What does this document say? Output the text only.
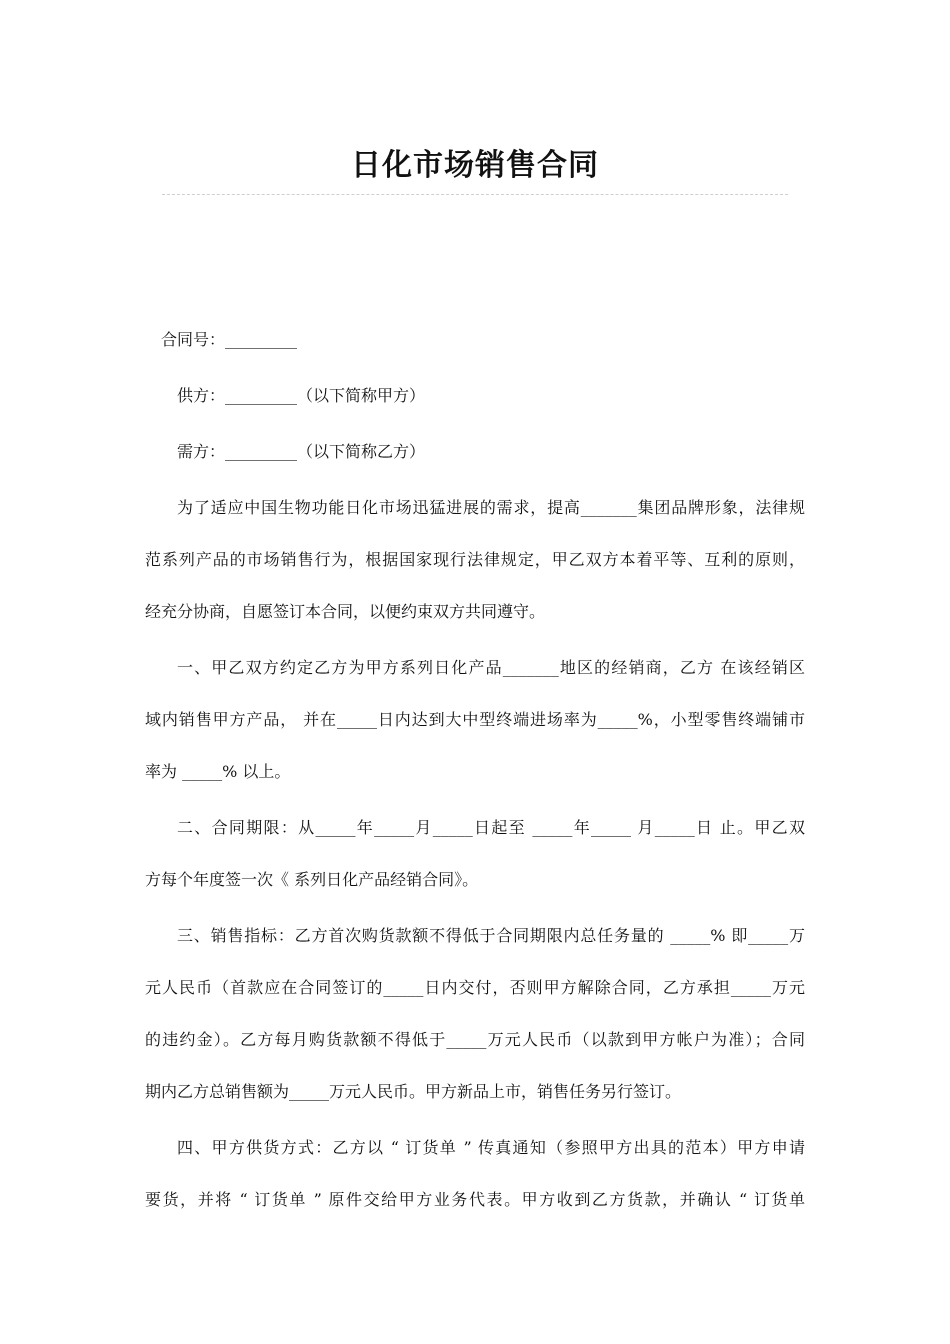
日化市场销售合同
合同号：_________
供方：_________（以下简称甲方）
需方：_________（以下简称乙方）
为了适应中国生物功能日化市场迅猛进展的需求，提高_______集团品牌形象，法律规
范系列产品的市场销售行为，根据国家现行法律规定，甲乙双方本着平等、互利的原则，
经充分协商，自愿签订本合同，以便约束双方共同遵守。
一、甲乙双方约定乙方为甲方系列日化产品_______地区的经销商，乙方 在该经销区
域内销售甲方产品， 并在_____日内达到大中型终端进场率为_____%，小型零售终端铺市
率为 _____% 以上。
二、合同期限：从_____年_____月_____日起至 _____年_____ 月_____日 止。甲乙双
方每个年度签一次《 系列日化产品经销合同》。
三、销售指标：乙方首次购货款额不得低于合同期限内总任务量的 _____% 即_____万
元人民币（首款应在合同签订的_____日内交付，否则甲方解除合同，乙方承担_____万元
的违约金）。乙方每月购货款额不得低于_____万元人民币（以款到甲方帐户为准）；合同
期内乙方总销售额为_____万元人民币。甲方新品上市，销售任务另行签订。
四、甲方供货方式：乙方以 “ 订货单 ” 传真通知（参照甲方出具的范本）甲方申请
要货，并将 “ 订货单 ” 原件交给甲方业务代表。甲方收到乙方货款，并确认 “ 订货单
